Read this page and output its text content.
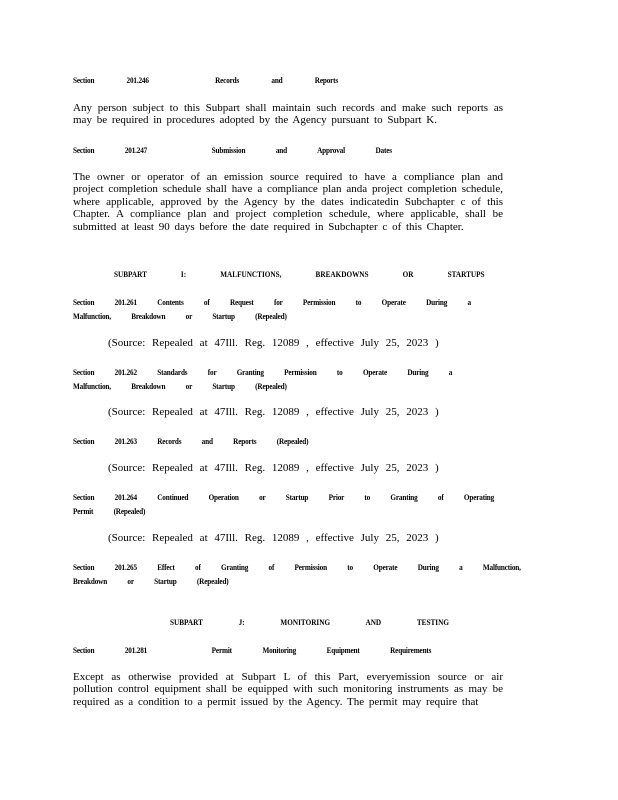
Section 201.246	Records and Reports
Any person subject to this Subpart shall maintain such records and make such reports as may be required in procedures adopted by the Agency pursuant to Subpart K.
Section 201.247	Submission and Approval Dates
The owner or operator of an emission source required to have a compliance plan and project completion schedule shall have a compliance plan anda project completion schedule, where applicable, approved by the Agency by the dates indicatedin Subchapter c of this Chapter. A compliance plan and project completion schedule, where applicable, shall be submitted at least 90 days before the date required in Subchapter c of this Chapter.
SUBPART I: MALFUNCTIONS, BREAKDOWNS OR STARTUPS
Section 201.261 Contents of Request for Permission to Operate During a
Malfunction, Breakdown or Startup (Repealed)
(Source: Repealed at 47Ill. Reg. 12089 , effective July 25, 2023 )
Section 201.262 Standards for Granting Permission to Operate During a
Malfunction, Breakdown or Startup (Repealed)
(Source: Repealed at 47Ill. Reg. 12089 , effective July 25, 2023 )
Section 201.263 Records and Reports (Repealed)
(Source: Repealed at 47Ill. Reg. 12089 , effective July 25, 2023 )
Section 201.264 Continued Operation or Startup Prior to Granting of Operating
Permit (Repealed)
(Source: Repealed at 47Ill. Reg. 12089 , effective July 25, 2023 )
Section 201.265 Effect of Granting of Permission to Operate During a Malfunction,
Breakdown or Startup (Repealed)
SUBPART J: MONITORING AND TESTING
Section 201.281	Permit Monitoring Equipment Requirements
Except as otherwise provided at Subpart L of this Part, everyemission source or air pollution control equipment shall be equipped with such monitoring instruments as may be required as a condition to a permit issued by the Agency. The permit may require that
